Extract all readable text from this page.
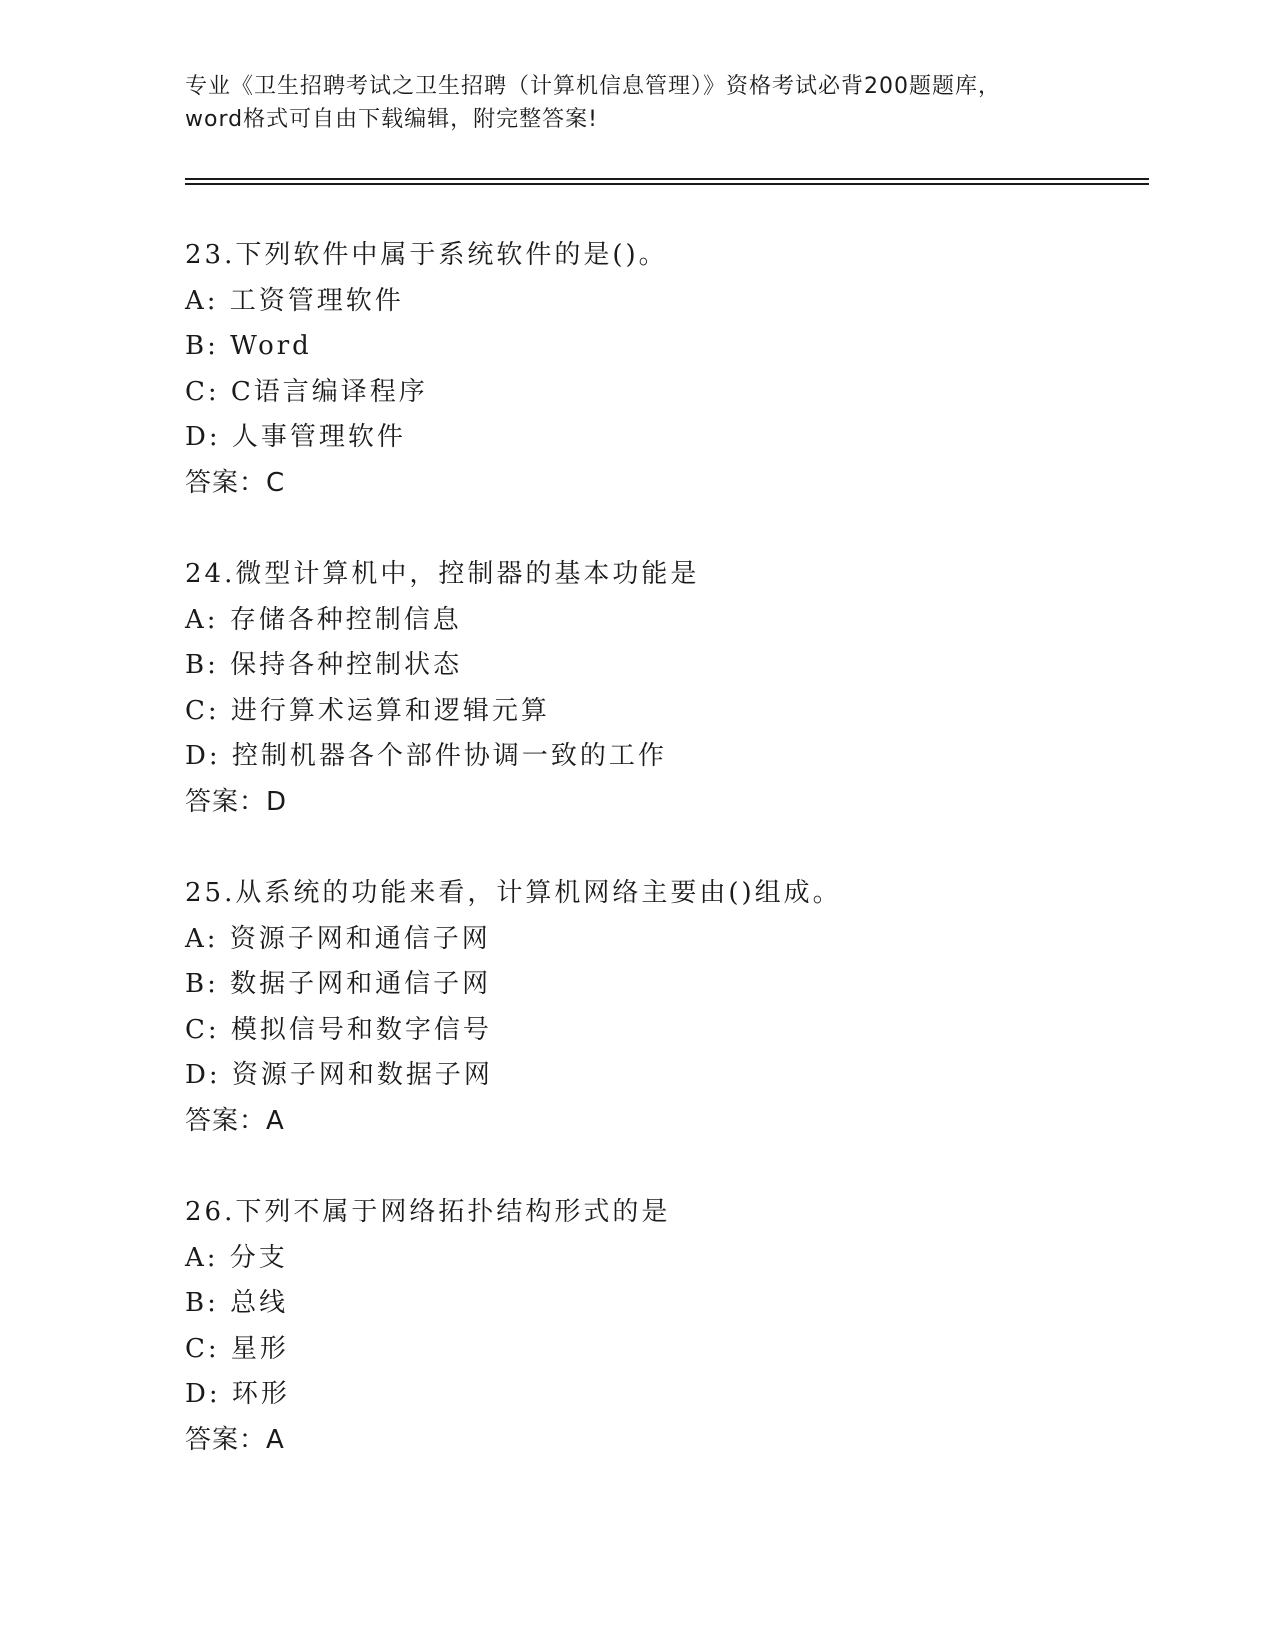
专业《卫生招聘考试之卫生招聘（计算机信息管理）》资格考试必背200题题库，
word格式可自由下载编辑，附完整答案!
23.下列软件中属于系统软件的是()。
A: 工资管理软件
B: Word
C: C语言编译程序
D: 人事管理软件
答案：C
24.微型计算机中，控制器的基本功能是
A: 存储各种控制信息
B: 保持各种控制状态
C: 进行算术运算和逻辑元算
D: 控制机器各个部件协调一致的工作
答案：D
25.从系统的功能来看，计算机网络主要由()组成。
A: 资源子网和通信子网
B: 数据子网和通信子网
C: 模拟信号和数字信号
D: 资源子网和数据子网
答案：A
26.下列不属于网络拓扑结构形式的是
A: 分支
B: 总线
C: 星形
D: 环形
答案：A
